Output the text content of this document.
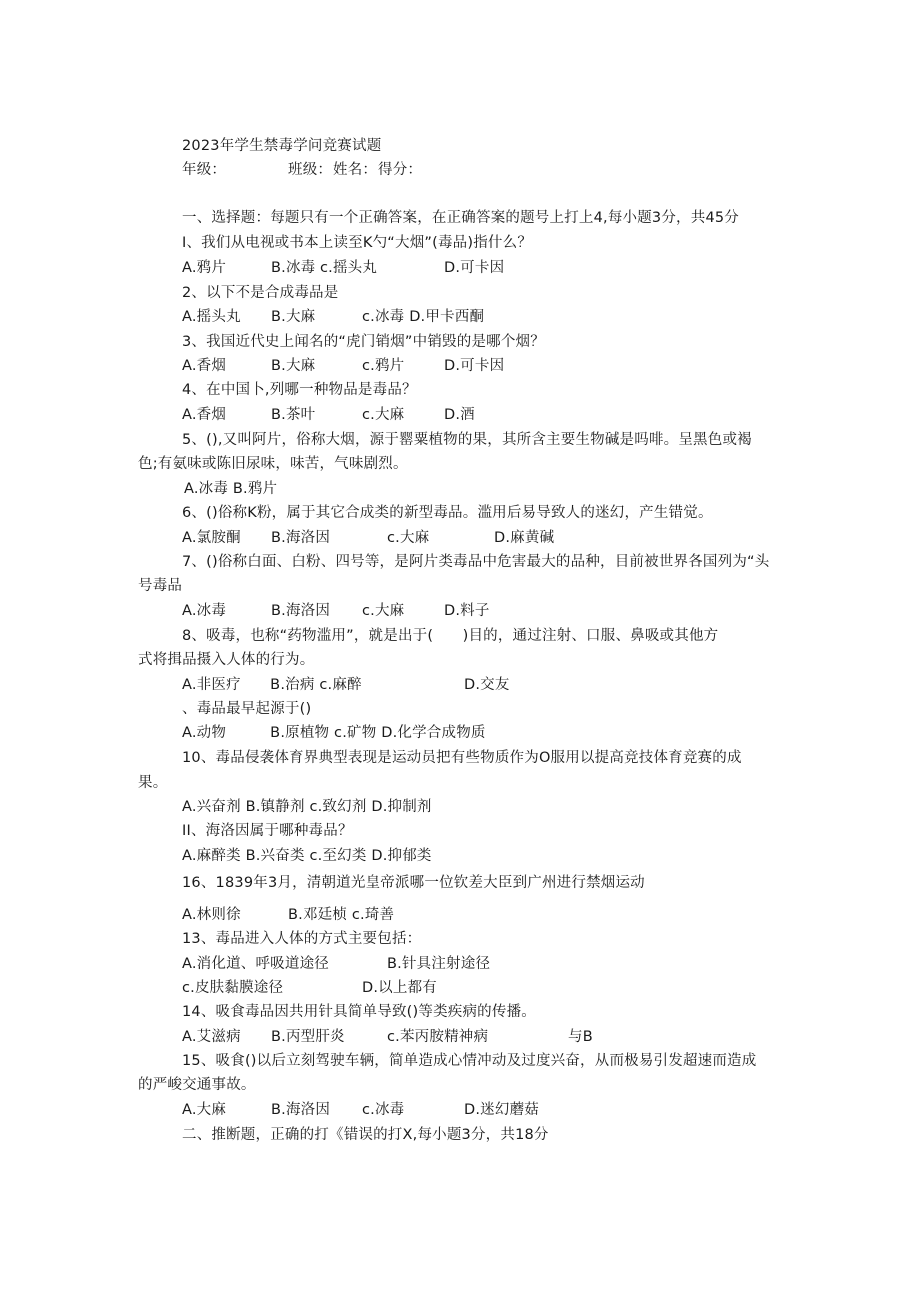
2023年学生禁毒学问竞赛试题
年级：	班级： 姓名： 得分：
一、选择题：每题只有一个正确答案，在正确答案的题号上打上4,每小题3分，共45分
I、我们从电视或书本上读至K勺“大烟”(毒品)指什么？
A.鸦片	B.冰毒 c.摇头丸	D.可卡因
2、以下不是合成毒品是
A.摇头丸 B.大麻	c.冰毒 D.甲卡西酮
3、我国近代史上闻名的“虎门销烟”中销毁的是哪个烟？
A.香烟	B.大麻	c.鸦片	D.可卡因
4、在中国卜,列哪一种物品是毒品？
A.香烟	B.茶叶	c.大麻	D.酒
5、(),又叫阿片，俗称大烟，源于罂粟植物的果，其所含主要生物碱是吗啡。呈黑色或褐
色;有氨味或陈旧尿味，味苦，气味剧烈。
A.冰毒 B.鸦片
6、()俗称K粉，属于其它合成类的新型毒品。滥用后易导致人的迷幻，产生错觉。
A.氯胺酮 B.海洛因	c.大麻	D.麻黄碱
7、()俗称白面、白粉、四号等，是阿片类毒品中危害最大的品种，目前被世界各国列为“头
号毒品
A.冰毒	B.海洛因 c.大麻	D.料子
8、吸毒，也称“药物滥用”，就是出于(　　)目的，通过注射、口服、鼻吸或其他方
式将揖品摄入人体的行为。
A.非医疗　　B.治病 c.麻醉	D.交友
、毒品最早起源于()
A.动物　　　B.原植物 c.矿物 D.化学合成物质
10、毒品侵袭体育界典型表现是运动员把有些物质作为O服用以提高竞技体育竞赛的成
果。
A.兴奋剂 B.镇静剂 c.致幻剂 D.抑制剂
II、海洛因属于哪种毒品？
A.麻醉类 B.兴奋类 c.至幻类 D.抑郁类
16、1839年3月，清朝道光皇帝派哪一位钦差大臣到广州进行禁烟运动
A.林则徐	B.邓廷桢 c.琦善
13、毒品进入人体的方式主要包括：
A.消化道、呼吸道途径	B.针具注射途径
c.皮肤黏膜途径	D.以上都有
14、吸食毒品因共用针具简单导致()等类疾病的传播。
A.艾滋病 B.丙型肝炎	c.苯丙胺精神病	与B
15、吸食()以后立刻驾驶车辆，简单造成心情冲动及过度兴奋，从而极易引发超速而造成
的严峻交通事故。
A.大麻	B.海洛因 c.冰毒	D.迷幻蘑菇
二、推断题，正确的打《错误的打X,每小题3分，共18分
